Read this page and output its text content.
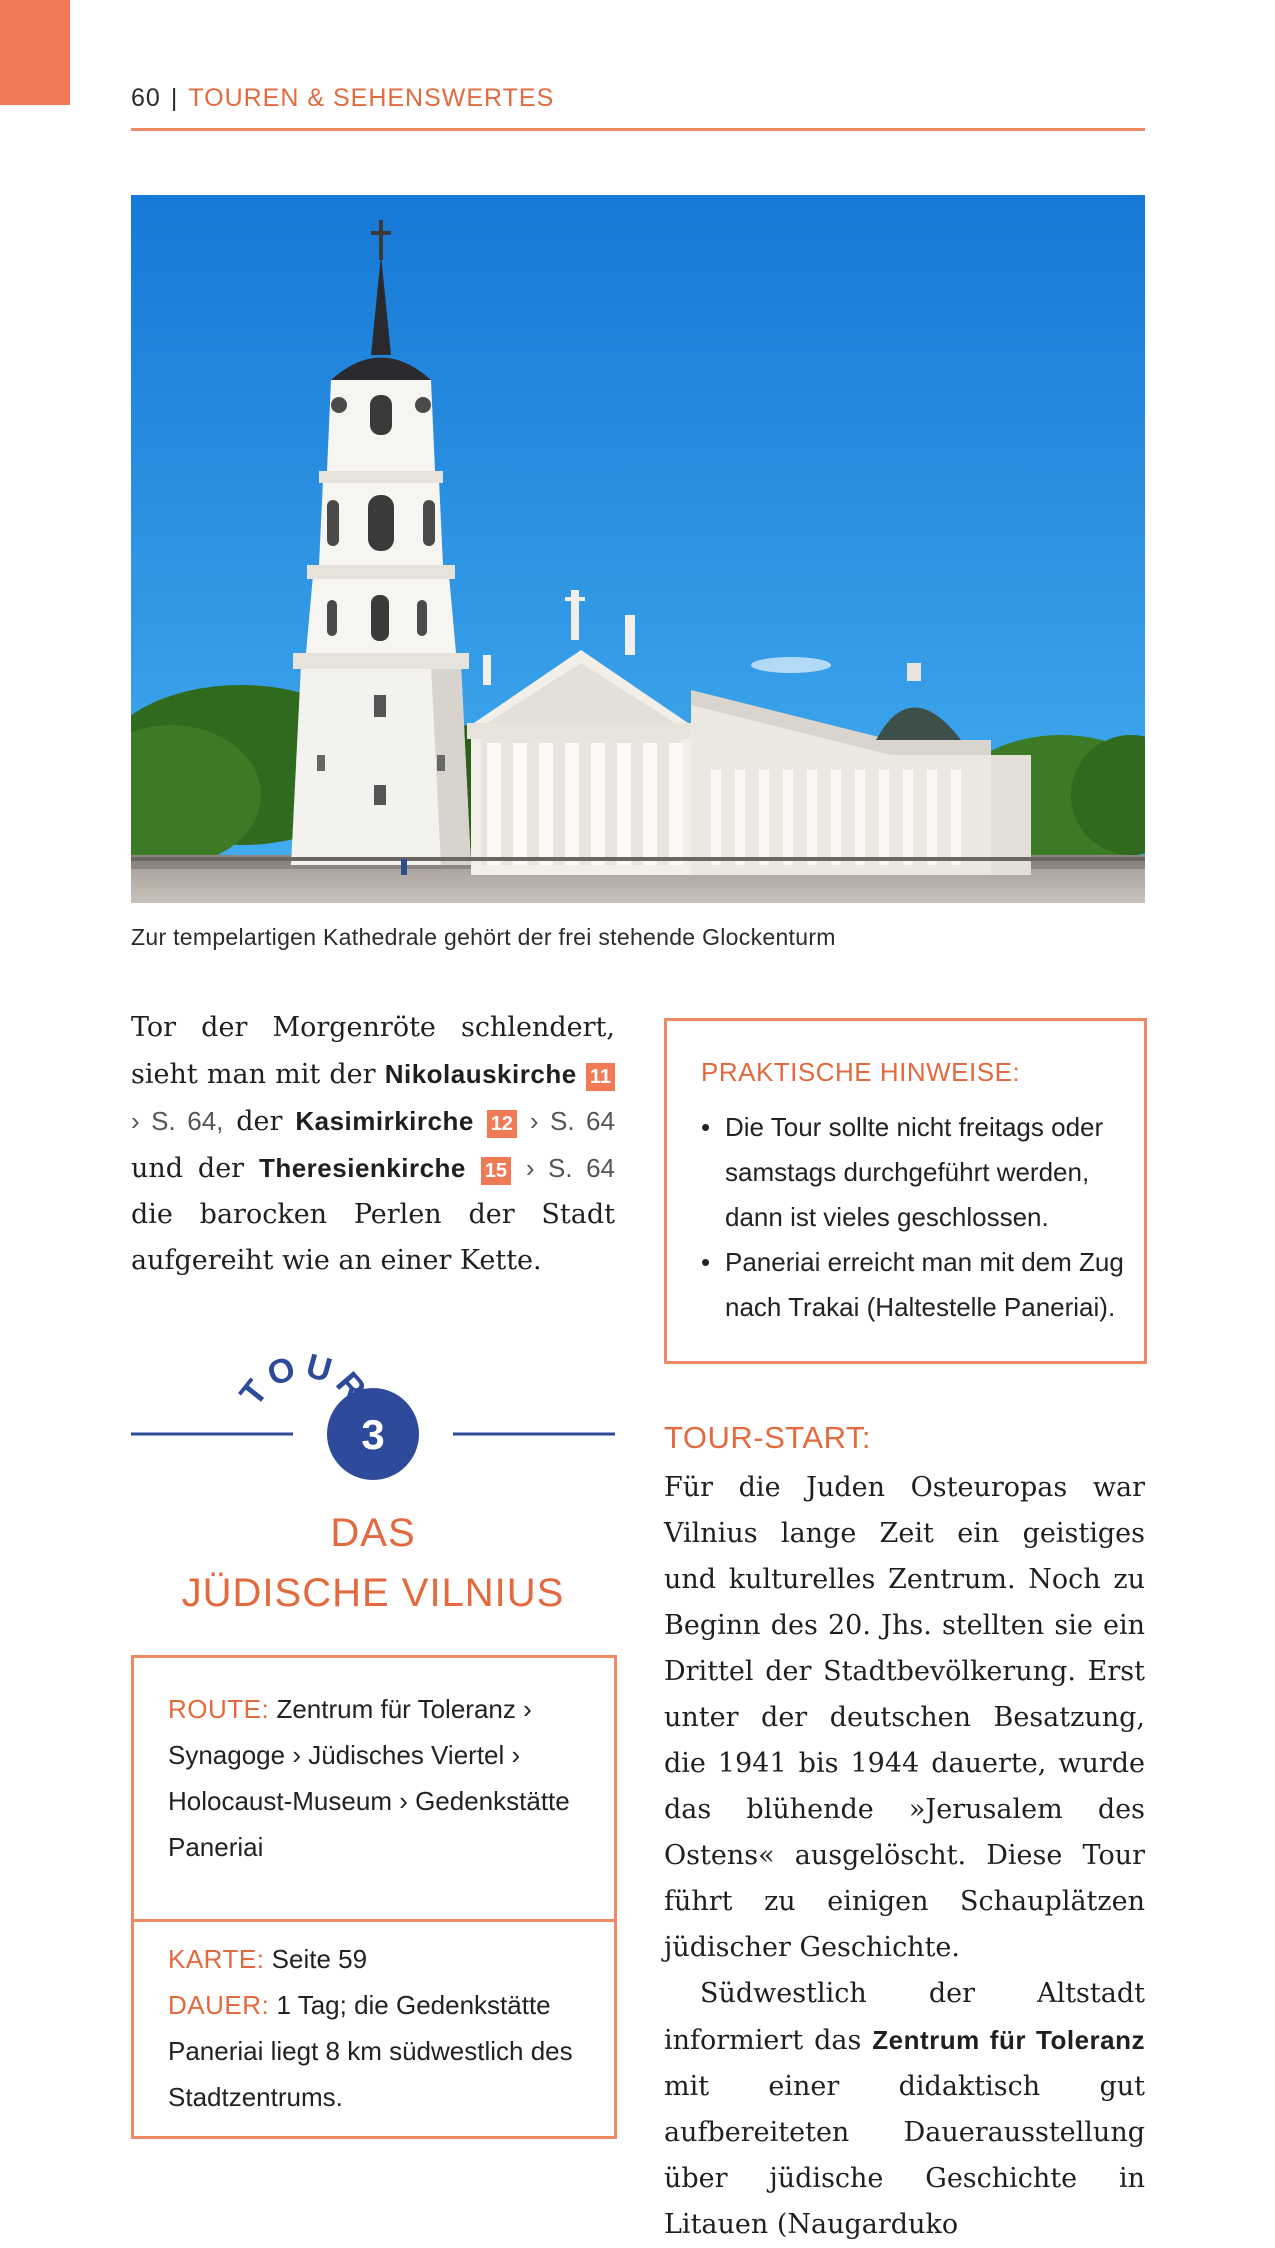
60 | TOUREN & SEHENSWERTES
Zur tempelartigen Kathedrale gehört der frei stehende Glockenturm

Tor der Morgenröte schlendert, sieht man mit der Nikolauskirche 11 › S. 64, der Kasimirkirche 12 › S. 64 und der Theresienkirche 15 › S. 64 die barocken Perlen der Stadt aufgereiht wie an einer Kette.

3
TOUR
DAS
JÜDISCHE VILNIUS
ROUTE: Zentrum für Toleranz › Synagoge › Jüdisches Viertel › Holocaust-Museum › Gedenkstätte Paneriai
KARTE: Seite 59
DAUER: 1 Tag; die Gedenkstätte Paneriai liegt 8 km südwestlich des Stadtzentrums.
PRAKTISCHE HINWEISE:
• Die Tour sollte nicht freitags oder samstags durchgeführt werden, dann ist vieles geschlossen.
• Paneriai erreicht man mit dem Zug nach Trakai (Haltestelle Paneriai).
TOUR-START:

Für die Juden Osteuropas war Vilnius lange Zeit ein geistiges und kulturelles Zentrum. Noch zu Beginn des 20. Jhs. stellten sie ein Drittel der Stadtbevölkerung. Erst unter der deutschen Besatzung, die 1941 bis 1944 dauerte, wurde das blühende »Jerusalem des Ostens« ausgelöscht. Diese Tour führt zu einigen Schauplätzen jüdischer Geschichte.

Südwestlich der Altstadt informiert das Zentrum für Toleranz mit einer didaktisch gut aufbereiteten Dauerausstellung über jüdische Geschichte in Litauen (Naugarduko
